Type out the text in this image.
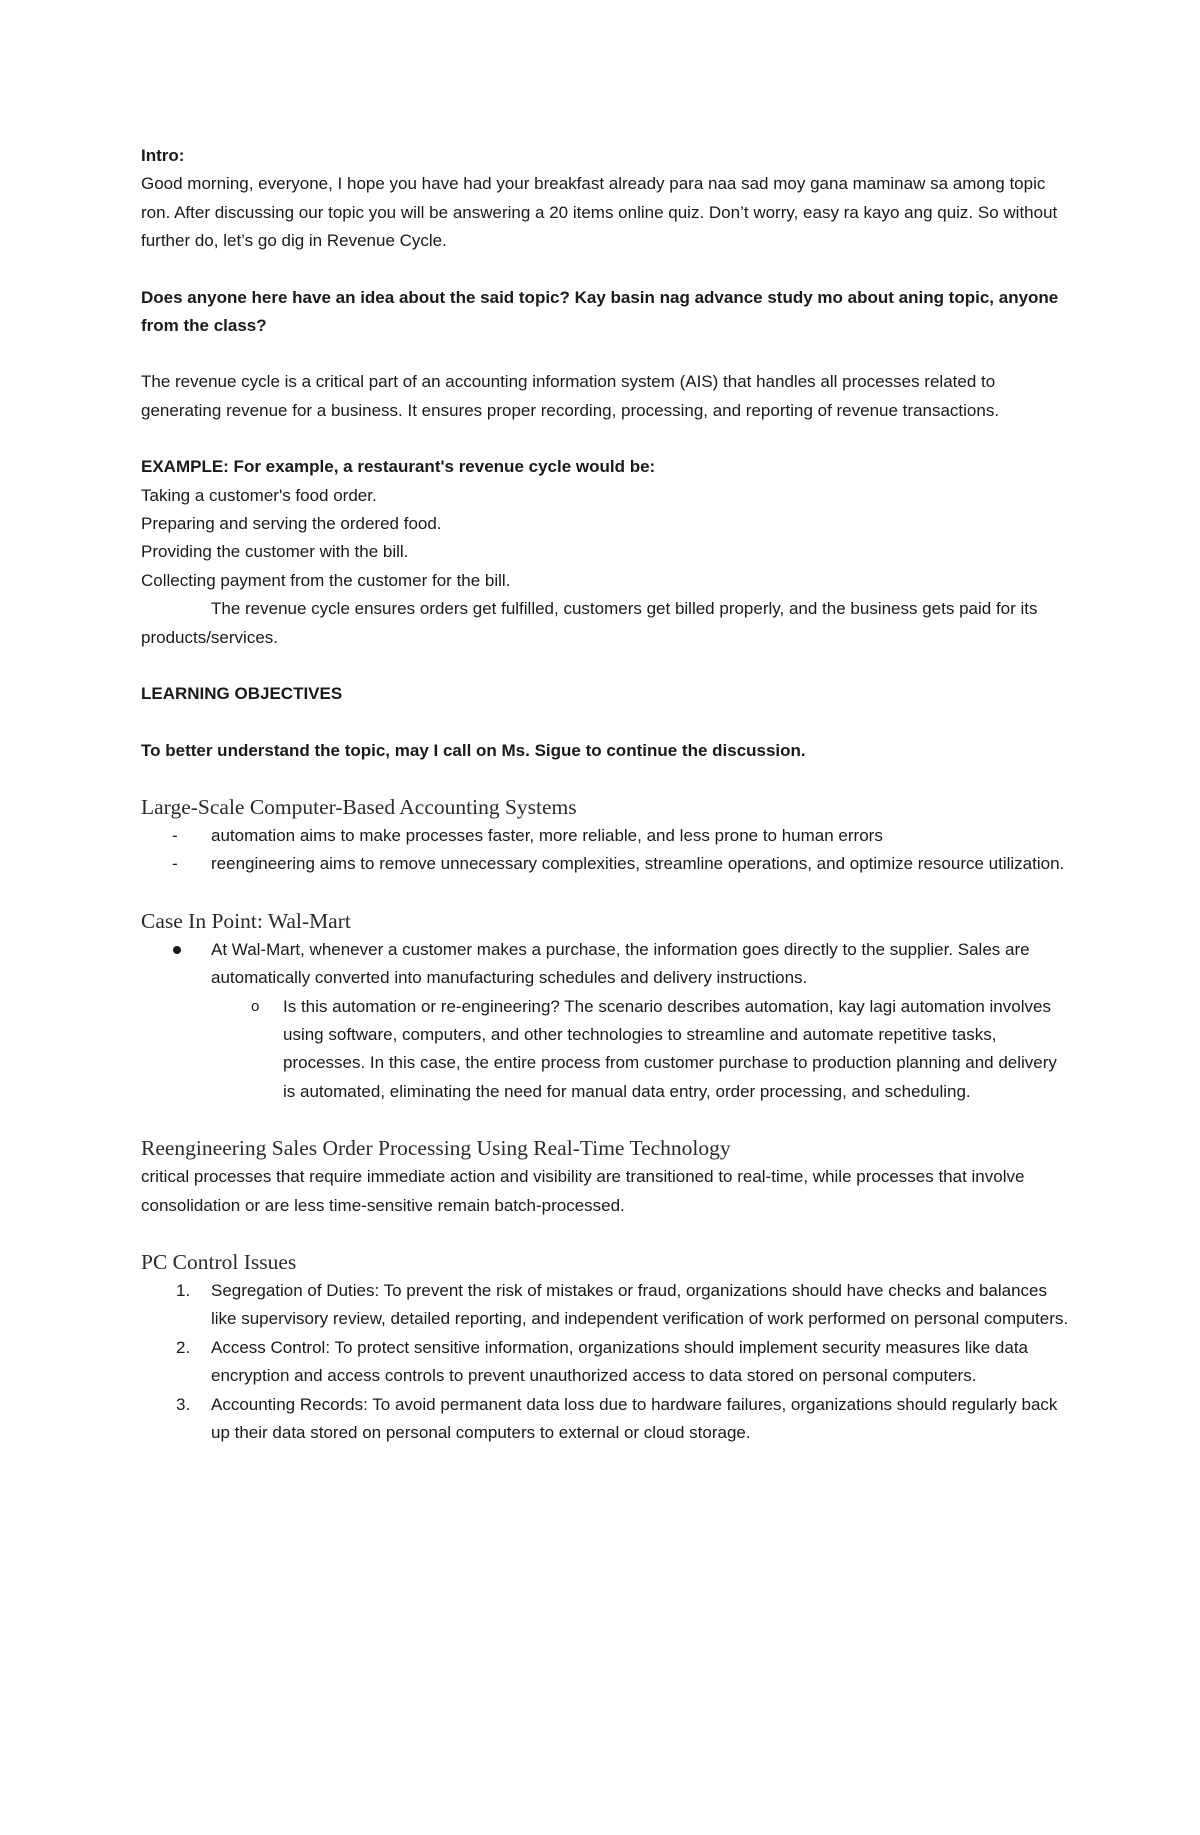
Intro:

Good morning, everyone, I hope you have had your breakfast already para naa sad moy gana maminaw sa among topic ron. After discussing our topic you will be answering a 20 items online quiz. Don’t worry, easy ra kayo ang quiz. So without further do, let’s go dig in Revenue Cycle.

Does anyone here have an idea about the said topic? Kay basin nag advance study mo about aning topic, anyone from the class?

The revenue cycle is a critical part of an accounting information system (AIS) that handles all processes related to generating revenue for a business. It ensures proper recording, processing, and reporting of revenue transactions.

EXAMPLE: For example, a restaurant's revenue cycle would be:

Taking a customer's food order.

Preparing and serving the ordered food.

Providing the customer with the bill.

Collecting payment from the customer for the bill.

The revenue cycle ensures orders get fulfilled, customers get billed properly, and the business gets paid for its products/services.

LEARNING OBJECTIVES

To better understand the topic, may I call on Ms. Sigue to continue the discussion.

Large-Scale Computer-Based Accounting Systems

- automation aims to make processes faster, more reliable, and less prone to human errors
- reengineering aims to remove unnecessary complexities, streamline operations, and optimize resource utilization.

Case In Point: Wal-Mart

At Wal-Mart, whenever a customer makes a purchase, the information goes directly to the supplier. Sales are automatically converted into manufacturing schedules and delivery instructions.
o Is this automation or re-engineering? The scenario describes automation, kay lagi automation involves using software, computers, and other technologies to streamline and automate repetitive tasks, processes. In this case, the entire process from customer purchase to production planning and delivery is automated, eliminating the need for manual data entry, order processing, and scheduling.

Reengineering Sales Order Processing Using Real-Time Technology

critical processes that require immediate action and visibility are transitioned to real-time, while processes that involve consolidation or are less time-sensitive remain batch-processed.

PC Control Issues

1. Segregation of Duties: To prevent the risk of mistakes or fraud, organizations should have checks and balances like supervisory review, detailed reporting, and independent verification of work performed on personal computers.
2. Access Control: To protect sensitive information, organizations should implement security measures like data encryption and access controls to prevent unauthorized access to data stored on personal computers.
3. Accounting Records: To avoid permanent data loss due to hardware failures, organizations should regularly back up their data stored on personal computers to external or cloud storage.
